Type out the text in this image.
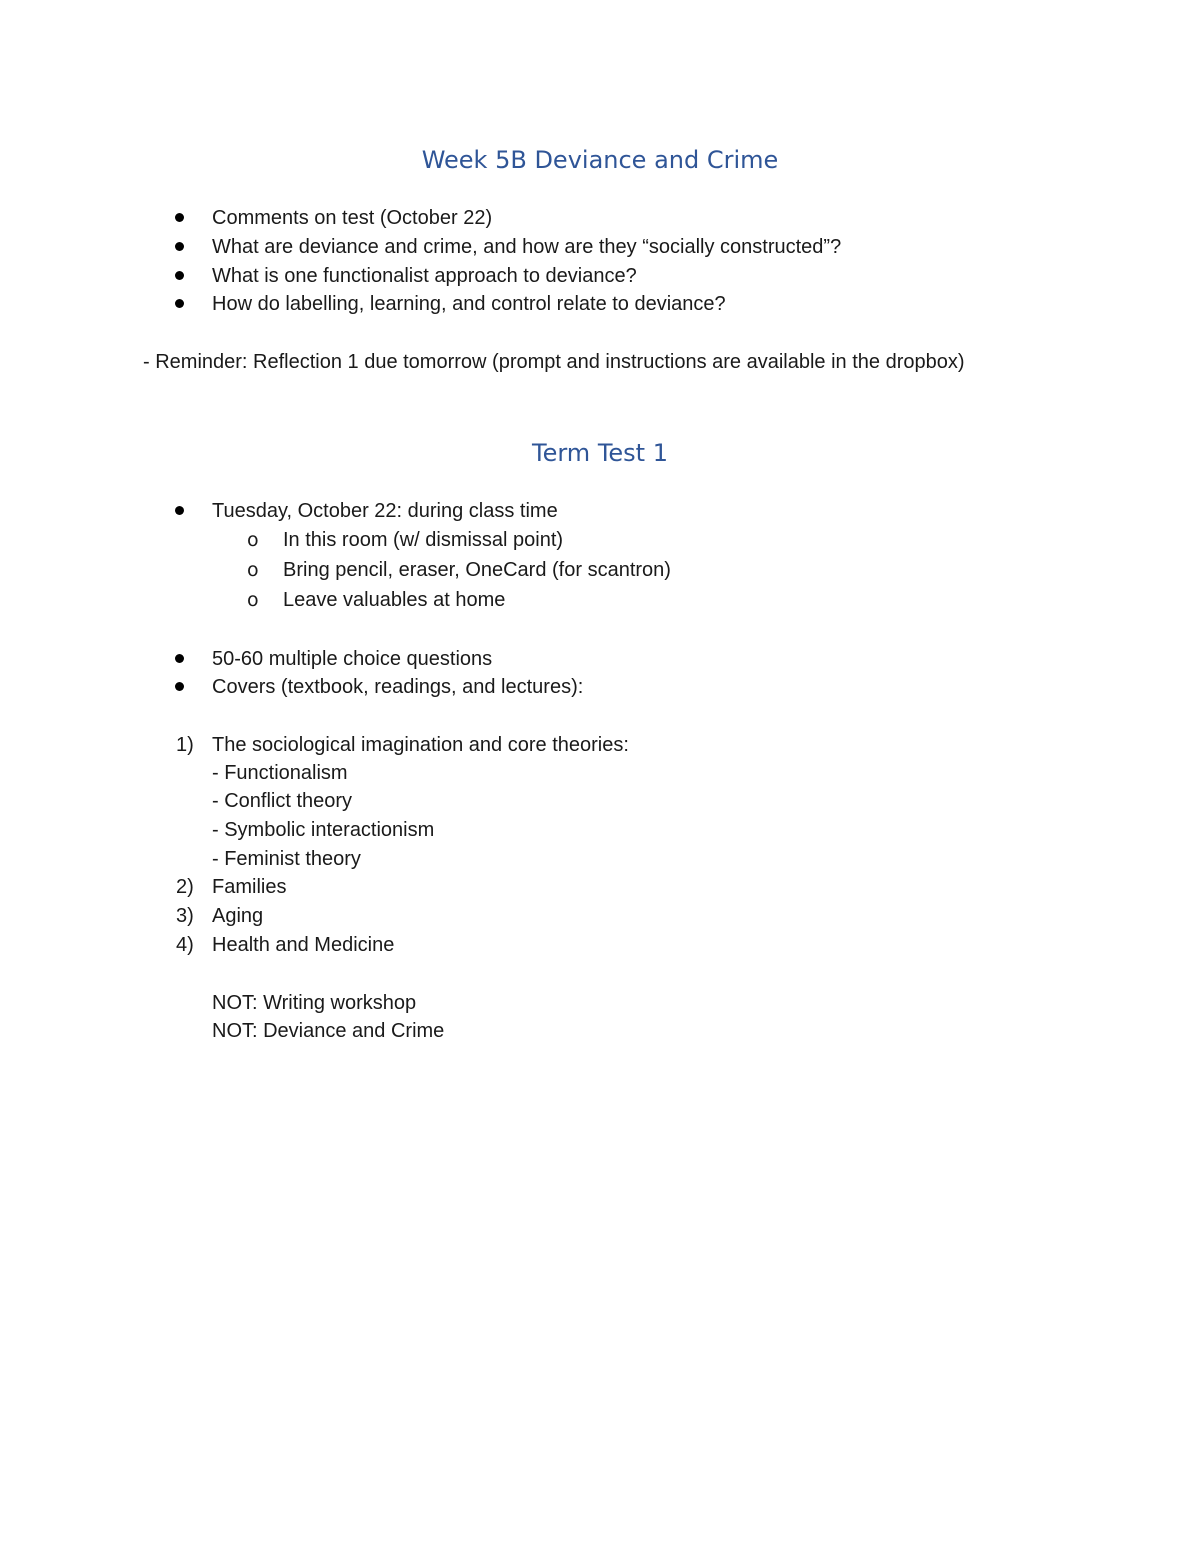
Week 5B Deviance and Crime
Comments on test (October 22)
What are deviance and crime, and how are they “socially constructed”?
What is one functionalist approach to deviance?
How do labelling, learning, and control relate to deviance?
- Reminder: Reflection 1 due tomorrow (prompt and instructions are available in the dropbox)
Term Test 1
Tuesday, October 22: during class time
o In this room (w/ dismissal point)
o Bring pencil, eraser, OneCard (for scantron)
o Leave valuables at home
50-60 multiple choice questions
Covers (textbook, readings, and lectures):
1) The sociological imagination and core theories:
- Functionalism
- Conflict theory
- Symbolic interactionism
- Feminist theory
2) Families
3) Aging
4) Health and Medicine
NOT: Writing workshop
NOT: Deviance and Crime
